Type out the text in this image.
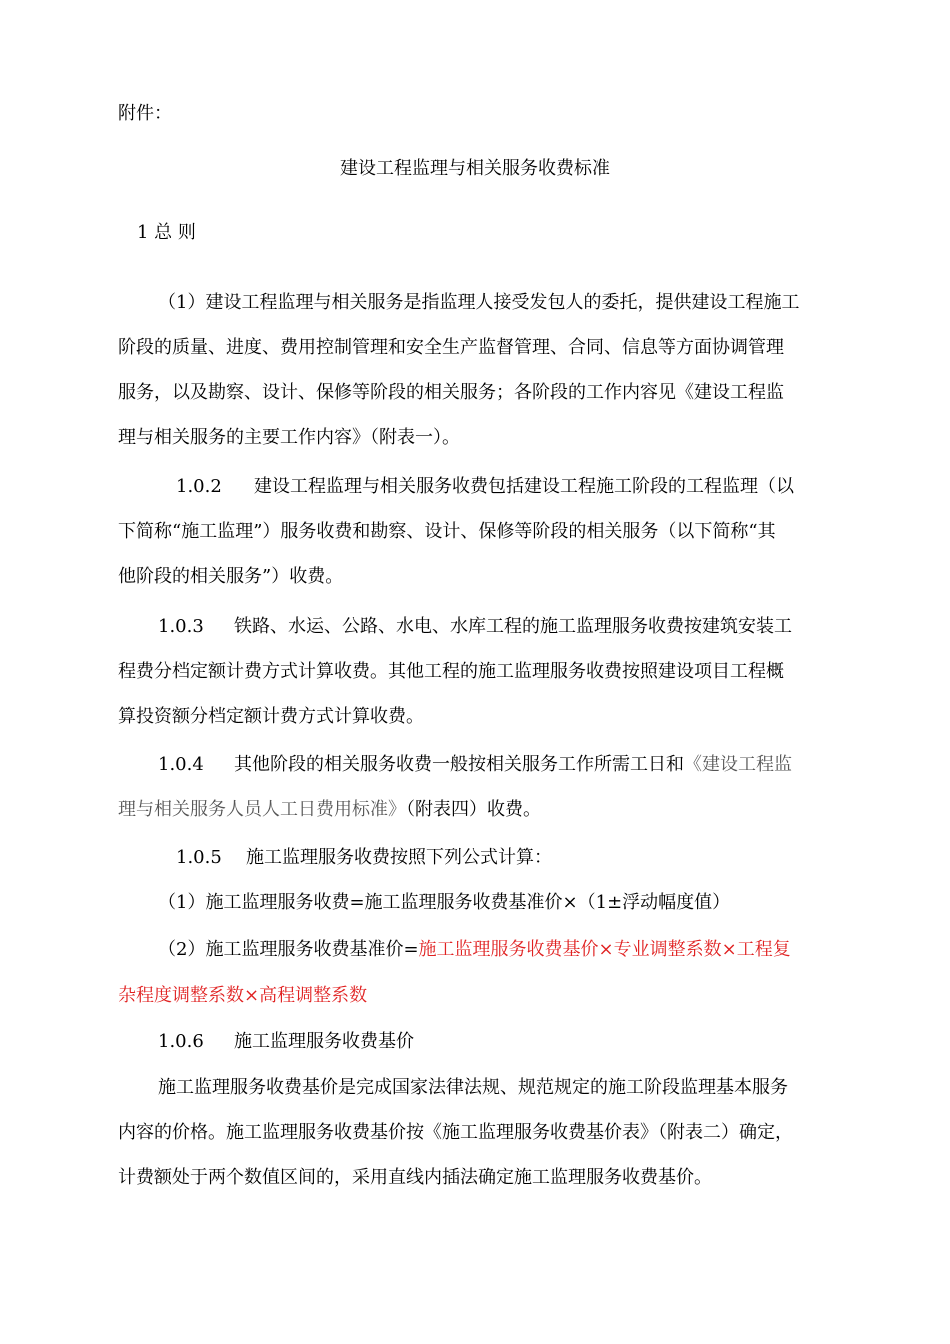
附件：
建设工程监理与相关服务收费标准
1 总 则
（1）建设工程监理与相关服务是指监理人接受发包人的委托，提供建设工程施工
阶段的质量、进度、费用控制管理和安全生产监督管理、合同、信息等方面协调管理
服务，以及勘察、设计、保修等阶段的相关服务；各阶段的工作内容见《建设工程监
理与相关服务的主要工作内容》（附表一）。
1.0.2 建设工程监理与相关服务收费包括建设工程施工阶段的工程监理（以
下简称“施工监理”）服务收费和勘察、设计、保修等阶段的相关服务（以下简称“其
他阶段的相关服务”）收费。
1.0.3 铁路、水运、公路、水电、水库工程的施工监理服务收费按建筑安装工
程费分档定额计费方式计算收费。其他工程的施工监理服务收费按照建设项目工程概
算投资额分档定额计费方式计算收费。
1.0.4 其他阶段的相关服务收费一般按相关服务工作所需工日和《建设工程监
理与相关服务人员人工日费用标准》（附表四）收费。
1.0.5 施工监理服务收费按照下列公式计算：
（1）施工监理服务收费=施工监理服务收费基准价×（1±浮动幅度值）
（2）施工监理服务收费基准价=施工监理服务收费基价×专业调整系数×工程复
杂程度调整系数×高程调整系数
1.0.6 施工监理服务收费基价
施工监理服务收费基价是完成国家法律法规、规范规定的施工阶段监理基本服务
内容的价格。施工监理服务收费基价按《施工监理服务收费基价表》（附表二）确定，
计费额处于两个数值区间的，采用直线内插法确定施工监理服务收费基价。
